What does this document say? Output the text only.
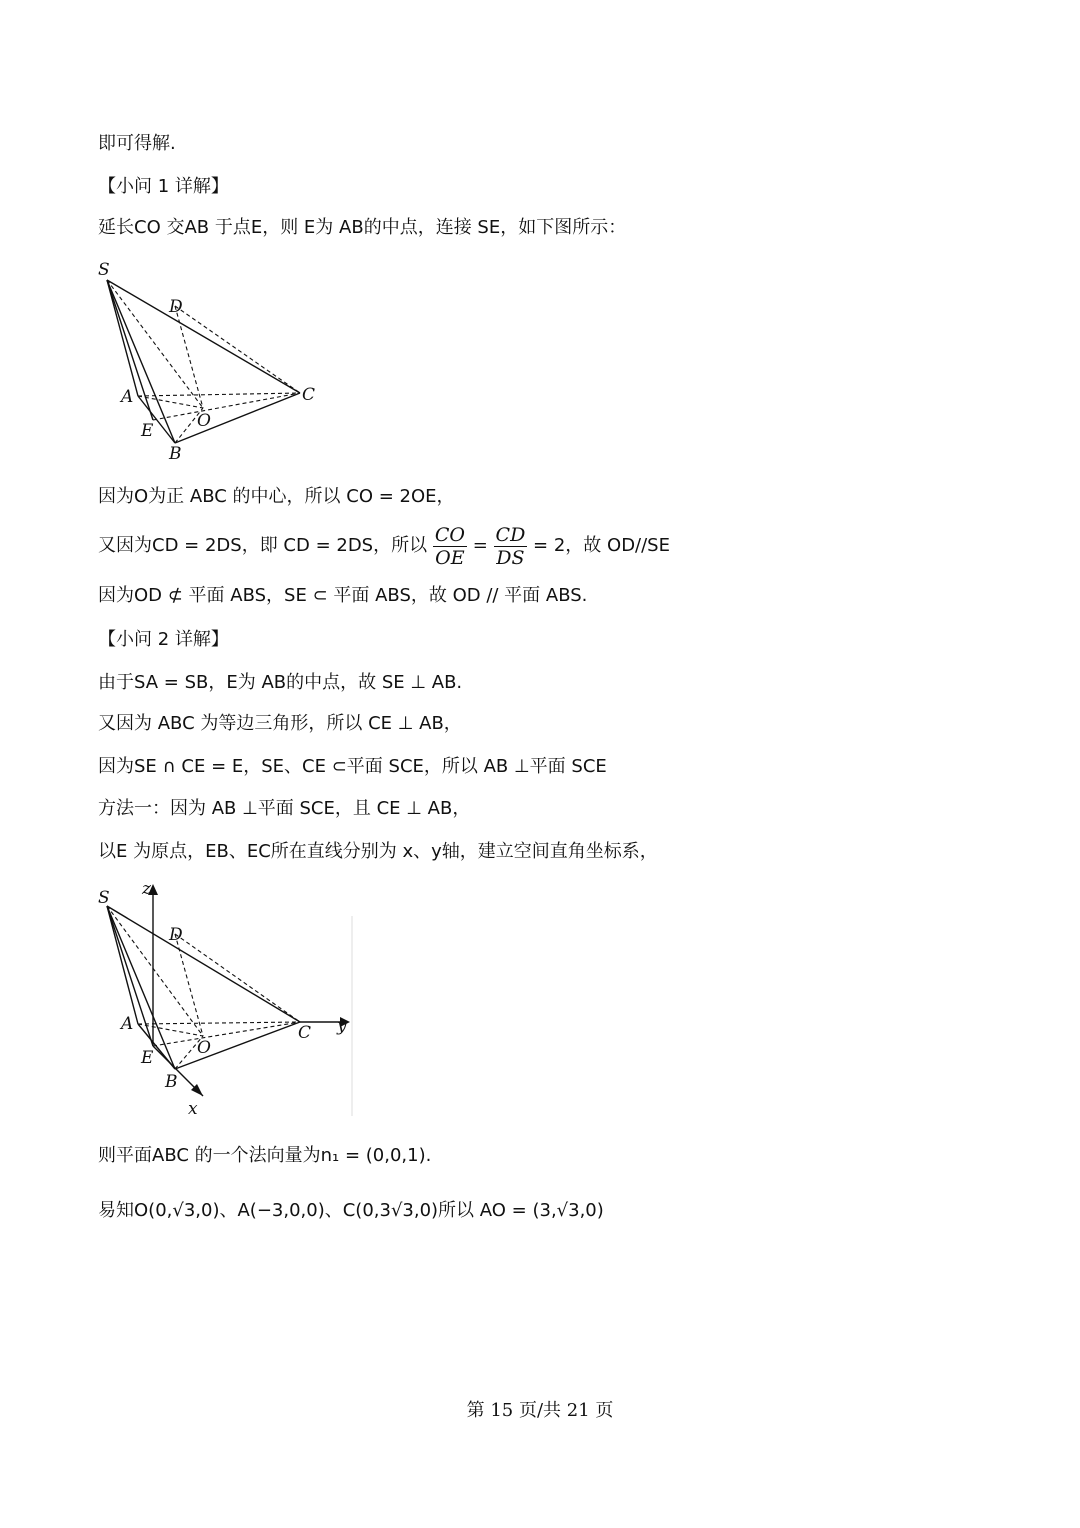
即可得解.
【小问 1 详解】
延长CO 交AB 于点E，则 E为 AB的中点，连接 SE，如下图所示：
S
D
A
O
C
E
B
因为O为正 ABC 的中心，所以 CO = 2OE，
又因为CD = 2DS，即 CD = 2DS，所以 $\frac{CO}{OE} = \frac{CD}{DS} = 2$，故 OD//SE
因为OD ⊄ 平面 ABS，SE ⊂ 平面 ABS，故 OD // 平面 ABS.
【小问 2 详解】
由于SA = SB，E为 AB的中点，故 SE ⊥ AB.
又因为 ABC 为等边三角形，所以 CE ⊥ AB，
因为SE ∩ CE = E，SE、CE ⊂平面 SCE，所以 AB ⊥平面 SCE
方法一：因为 AB ⊥平面 SCE，且 CE ⊥ AB，
以E 为原点，EB、EC所在直线分别为 x、y轴，建立空间直角坐标系，
S
D
A
O
C
E
B
x
y
z
则平面ABC 的一个法向量为n₁ = (0,0,1).
易知O(0,√3,0)、A(−3,0,0)、C(0,3√3,0)所以 AO = (3,√3,0)
第 15 页/共 21 页
